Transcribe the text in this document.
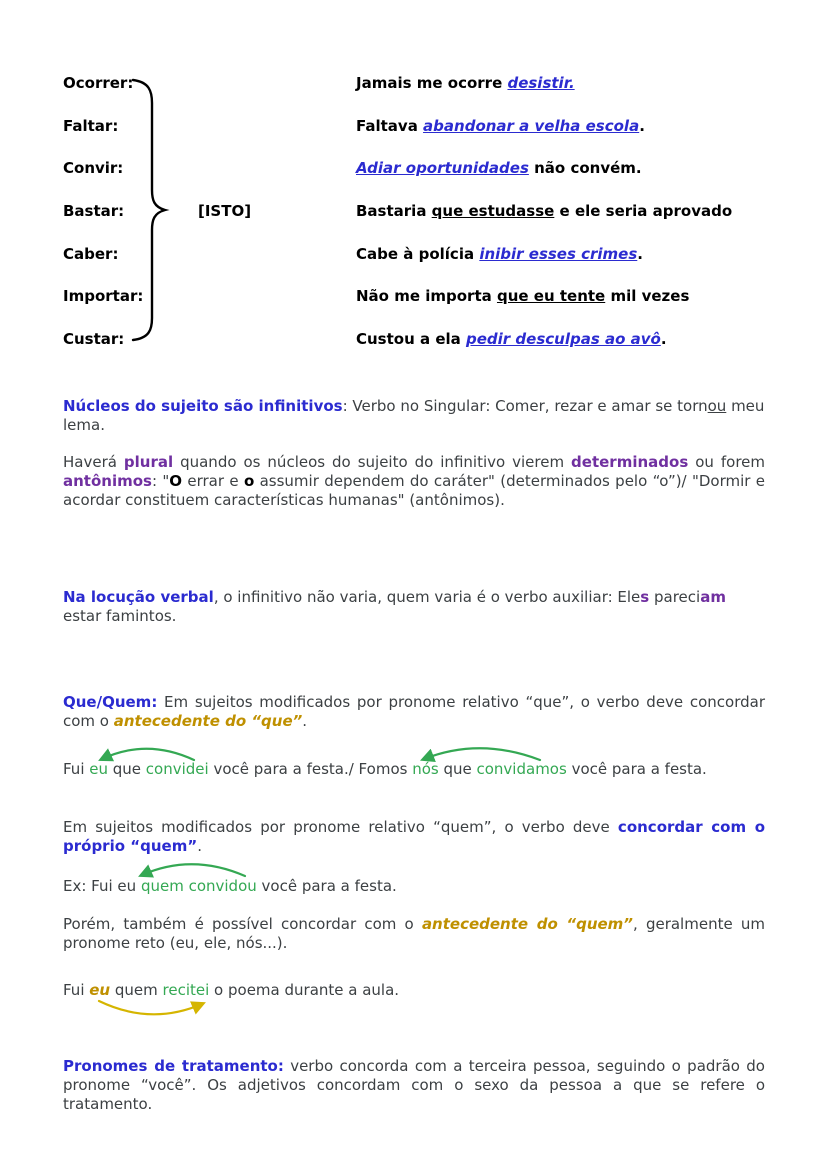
Ocorrer:	Jamais me ocorre desistir.
Faltar:	Faltava abandonar a velha escola.
Convir:	Adiar oportunidades não convém.
Bastar:	Bastaria que estudasse e ele seria aprovado
Caber:	Cabe à polícia inibir esses crimes.
Importar:	Não me importa que eu tente mil vezes
Custar:	Custou a ela pedir desculpas ao avô.
[ISTO]
Núcleos do sujeito são infinitivos: Verbo no Singular: Comer, rezar e amar se tornou meu lema.
Haverá plural quando os núcleos do sujeito do infinitivo vierem determinados ou forem antônimos: "O errar e o assumir dependem do caráter" (determinados pelo “o”)/ "Dormir e acordar constituem características humanas" (antônimos).
Na locução verbal, o infinitivo não varia, quem varia é o verbo auxiliar: Eles pareciam estar famintos.
Que/Quem: Em sujeitos modificados por pronome relativo “que”, o verbo deve concordar com o antecedente do “que”.
Fui eu que convidei você para a festa./ Fomos nós que convidamos você para a festa.
Em sujeitos modificados por pronome relativo “quem”, o verbo deve concordar com o próprio “quem”.
Ex: Fui eu quem convidou você para a festa.
Porém, também é possível concordar com o antecedente do “quem”, geralmente um pronome reto (eu, ele, nós...).
Fui eu quem recitei o poema durante a aula.
Pronomes de tratamento: verbo concorda com a terceira pessoa, seguindo o padrão do pronome “você”. Os adjetivos concordam com o sexo da pessoa a que se refere o tratamento.
